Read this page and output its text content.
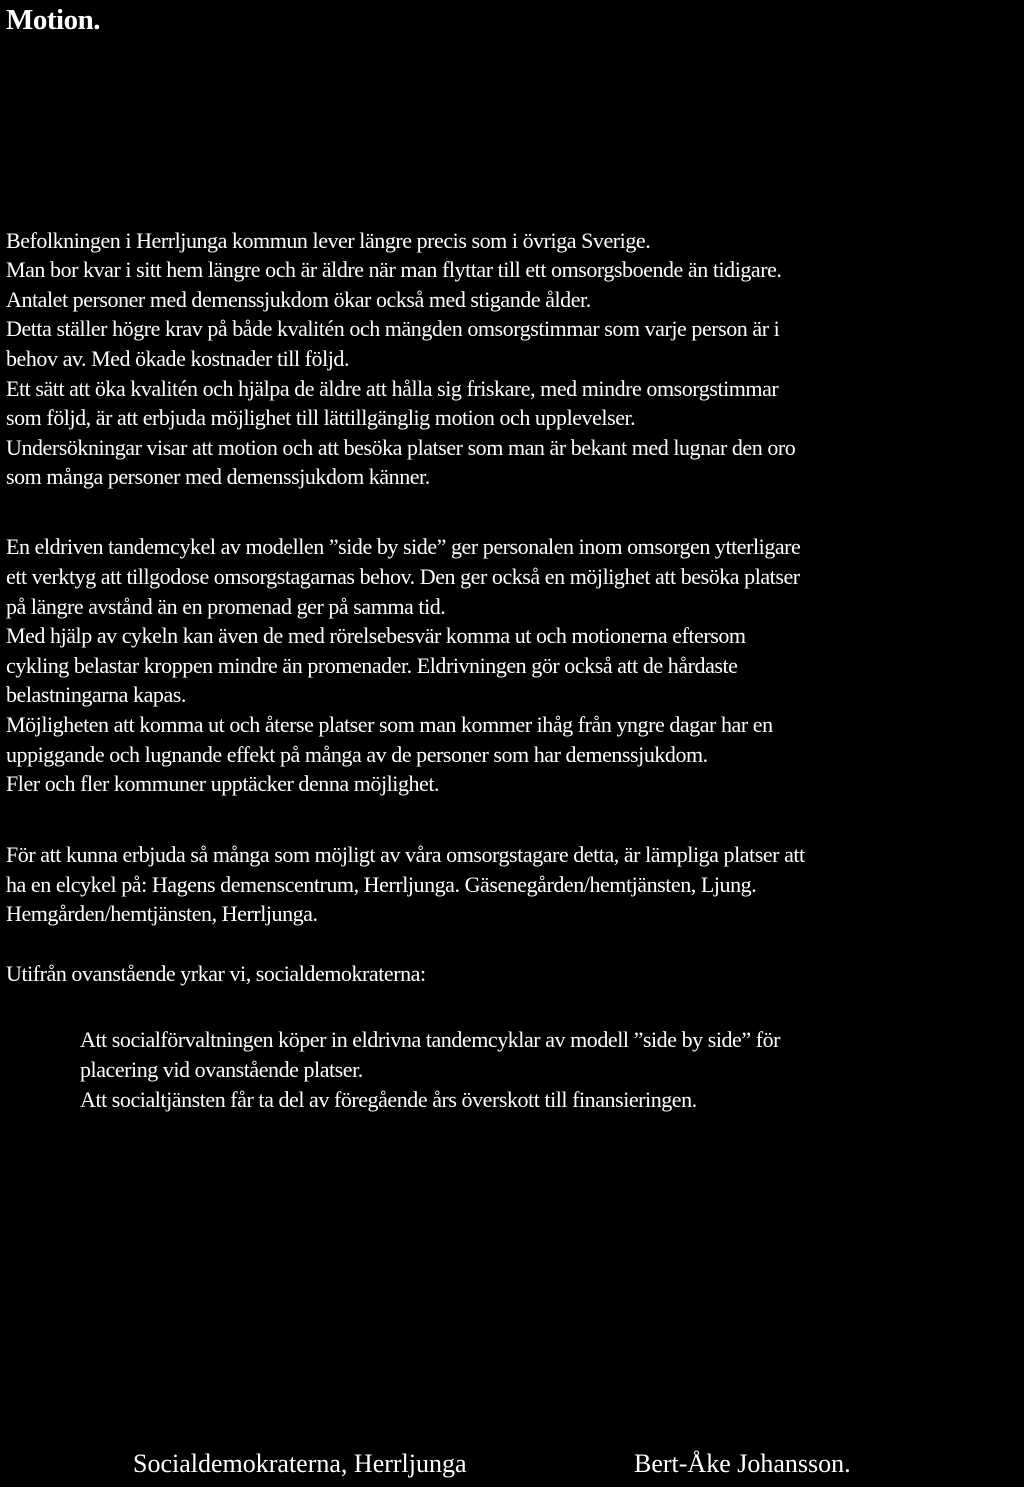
Motion.
Befolkningen i Herrljunga kommun lever längre precis som i övriga Sverige.
Man bor kvar i sitt hem längre och är äldre när man flyttar till ett omsorgsboende än tidigare.
Antalet personer med demenssjukdom ökar också med stigande ålder.
Detta ställer högre krav på både kvalitén och mängden omsorgstimmar som varje person är i
behov av. Med ökade kostnader till följd.
Ett sätt att öka kvalitén och hjälpa de äldre att hålla sig friskare, med mindre omsorgstimmar
som följd, är att erbjuda möjlighet till lättillgänglig motion och upplevelser.
Undersökningar visar att motion och att besöka platser som man är bekant med lugnar den oro
som många personer med demenssjukdom känner.
En eldriven tandemcykel av modellen ”side by side” ger personalen inom omsorgen ytterligare
ett verktyg att tillgodose omsorgstagarnas behov. Den ger också en möjlighet att besöka platser
på längre avstånd än en promenad ger på samma tid.
Med hjälp av cykeln kan även de med rörelsebesvär komma ut och motionerna eftersom
cykling belastar kroppen mindre än promenader. Eldrivningen gör också att de hårdaste
belastningarna kapas.
Möjligheten att komma ut och återse platser som man kommer ihåg från yngre dagar har en
uppiggande och lugnande effekt på många av de personer som har demenssjukdom.
Fler och fler kommuner upptäcker denna möjlighet.
För att kunna erbjuda så många som möjligt av våra omsorgstagare detta, är lämpliga platser att
ha en elcykel på: Hagens demenscentrum, Herrljunga. Gäsenegården/hemtjänsten, Ljung.
Hemgården/hemtjänsten, Herrljunga.
Utifrån ovanstående yrkar vi, socialdemokraterna:
Att socialförvaltningen köper in eldrivna tandemcyklar av modell ”side by side” för
placering vid ovanstående platser.
Att socialtjänsten får ta del av föregående års överskott till finansieringen.
Socialdemokraterna, Herrljunga	Bert-Åke Johansson.
